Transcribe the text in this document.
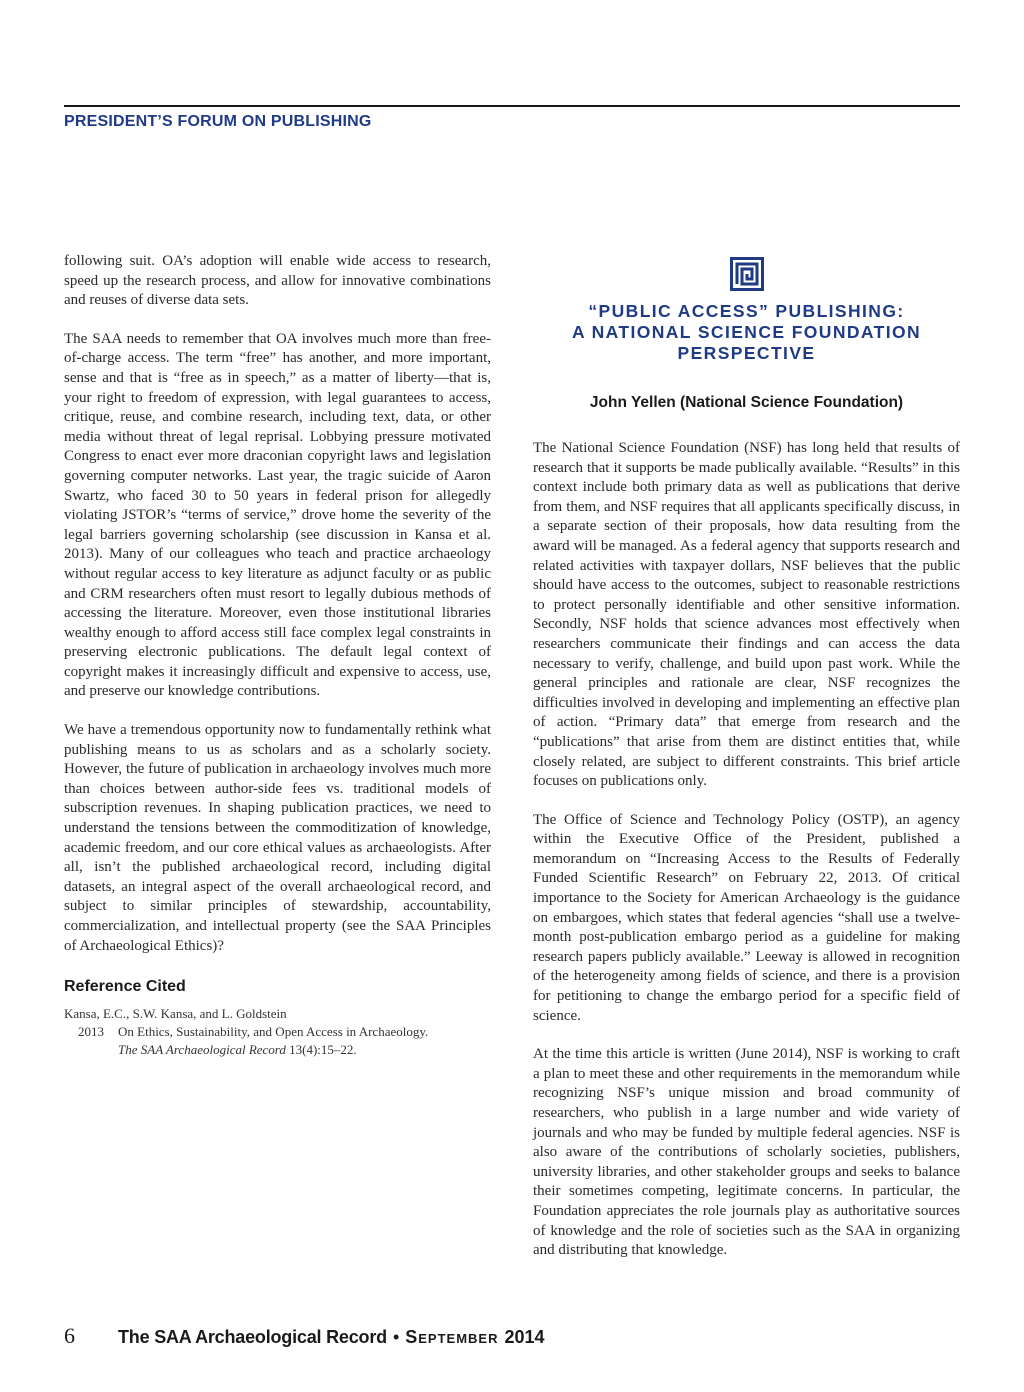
PRESIDENT’S FORUM ON PUBLISHING

following suit. OA’s adoption will enable wide access to research, speed up the research process, and allow for innovative combinations and reuses of diverse data sets.

The SAA needs to remember that OA involves much more than free-of-charge access. The term “free” has another, and more important, sense and that is “free as in speech,” as a matter of liberty—that is, your right to freedom of expression, with legal guarantees to access, critique, reuse, and combine research, including text, data, or other media without threat of legal reprisal. Lobbying pressure motivated Congress to enact ever more draconian copyright laws and legislation governing computer networks. Last year, the tragic suicide of Aaron Swartz, who faced 30 to 50 years in federal prison for allegedly violating JSTOR’s “terms of service,” drove home the severity of the legal barriers governing scholarship (see discussion in Kansa et al. 2013). Many of our colleagues who teach and practice archaeology without regular access to key literature as adjunct faculty or as public and CRM researchers often must resort to legally dubious methods of accessing the literature. Moreover, even those institutional libraries wealthy enough to afford access still face complex legal constraints in preserving electronic publications. The default legal context of copyright makes it increasingly difficult and expensive to access, use, and preserve our knowledge contributions.

We have a tremendous opportunity now to fundamentally rethink what publishing means to us as scholars and as a scholarly society. However, the future of publication in archaeology involves much more than choices between author-side fees vs. traditional models of subscription revenues. In shaping publication practices, we need to understand the tensions between the commoditization of knowledge, academic freedom, and our core ethical values as archaeologists. After all, isn’t the published archaeological record, including digital datasets, an integral aspect of the overall archaeological record, and subject to similar principles of stewardship, accountability, commercialization, and intellectual property (see the SAA Principles of Archaeological Ethics)?

Reference Cited
Kansa, E.C., S.W. Kansa, and L. Goldstein
2013 On Ethics, Sustainability, and Open Access in Archaeology.
The SAA Archaeological Record 13(4):15–22.
“PUBLIC ACCESS” PUBLISHING:
A NATIONAL SCIENCE FOUNDATION
PERSPECTIVE
John Yellen (National Science Foundation)

The National Science Foundation (NSF) has long held that results of research that it supports be made publically available. “Results” in this context include both primary data as well as publications that derive from them, and NSF requires that all applicants specifically discuss, in a separate section of their proposals, how data resulting from the award will be managed. As a federal agency that supports research and related activities with taxpayer dollars, NSF believes that the public should have access to the outcomes, subject to reasonable restrictions to protect personally identifiable and other sensitive information. Secondly, NSF holds that science advances most effectively when researchers communicate their findings and can access the data necessary to verify, challenge, and build upon past work. While the general principles and rationale are clear, NSF recognizes the difficulties involved in developing and implementing an effective plan of action. “Primary data” that emerge from research and the “publications” that arise from them are distinct entities that, while closely related, are subject to different constraints. This brief article focuses on publications only.

The Office of Science and Technology Policy (OSTP), an agency within the Executive Office of the President, published a memorandum on “Increasing Access to the Results of Federally Funded Scientific Research” on February 22, 2013. Of critical importance to the Society for American Archaeology is the guidance on embargoes, which states that federal agencies “shall use a twelve-month post-publication embargo period as a guideline for making research papers publicly available.” Leeway is allowed in recognition of the heterogeneity among fields of science, and there is a provision for petitioning to change the embargo period for a specific field of science.

At the time this article is written (June 2014), NSF is working to craft a plan to meet these and other requirements in the memorandum while recognizing NSF’s unique mission and broad community of researchers, who publish in a large number and wide variety of journals and who may be funded by multiple federal agencies. NSF is also aware of the contributions of scholarly societies, publishers, university libraries, and other stakeholder groups and seeks to balance their sometimes competing, legitimate concerns. In particular, the Foundation appreciates the role journals play as authoritative sources of knowledge and the role of societies such as the SAA in organizing and distributing that knowledge.

6	The SAA Archaeological Record • September 2014
